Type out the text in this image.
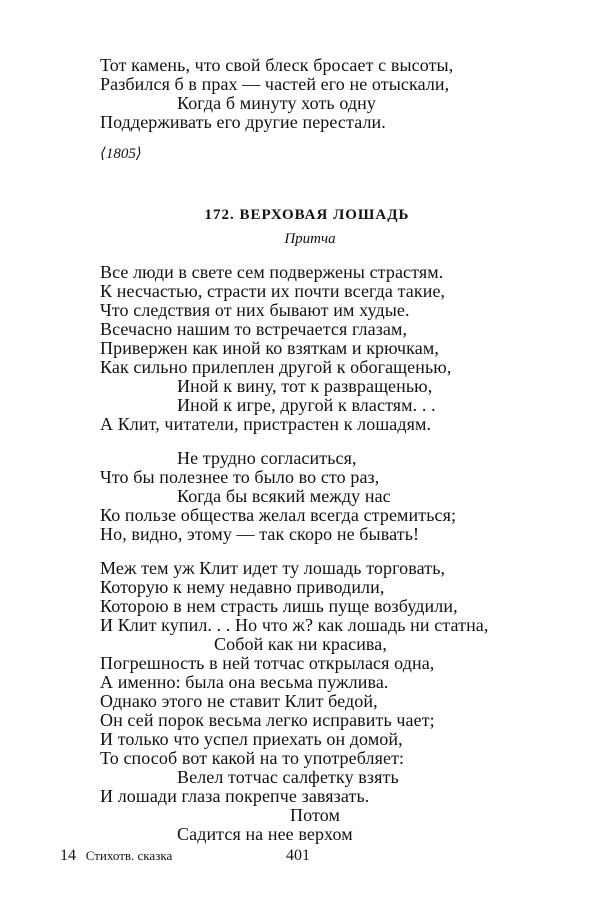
Тот камень, что свой блеск бросает с высоты,
Разбился б в прах — частей его не отыскали,
Когда б минуту хоть одну
Поддерживать его другие перестали.
⟨1805⟩
172. ВЕРХОВАЯ ЛОШАДЬ
Притча
Все люди в свете сем подвержены страстям.
К несчастью, страсти их почти всегда такие,
Что следствия от них бывают им худые.
Всечасно нашим то встречается глазам,
Привержен как иной ко взяткам и крючкам,
Как сильно прилеплен другой к обогащенью,
Иной к вину, тот к развращенью,
Иной к игре, другой к властям. . .
А Клит, читатели, пристрастен к лошадям.
Не трудно согласиться,
Что бы полезнее то было во сто раз,
Когда бы всякий между нас
Ко пользе общества желал всегда стремиться;
Но, видно, этому — так скоро не бывать!
Меж тем уж Клит идет ту лошадь торговать,
Которую к нему недавно приводили,
Которою в нем страсть лишь пуще возбудили,
И Клит купил. . . Но что ж? как лошадь ни статна,
Собой как ни красива,
Погрешность в ней тотчас открылася одна,
А именно: была она весьма пужлива.
Однако этого не ставит Клит бедой,
Он сей порок весьма легко исправить чает;
И только что успел приехать он домой,
То способ вот какой на то употребляет:
Велел тотчас салфетку взять
И лошади глаза покрепче завязать.
Потом
Садится на нее верхом
14 Стихотв. сказка	401
